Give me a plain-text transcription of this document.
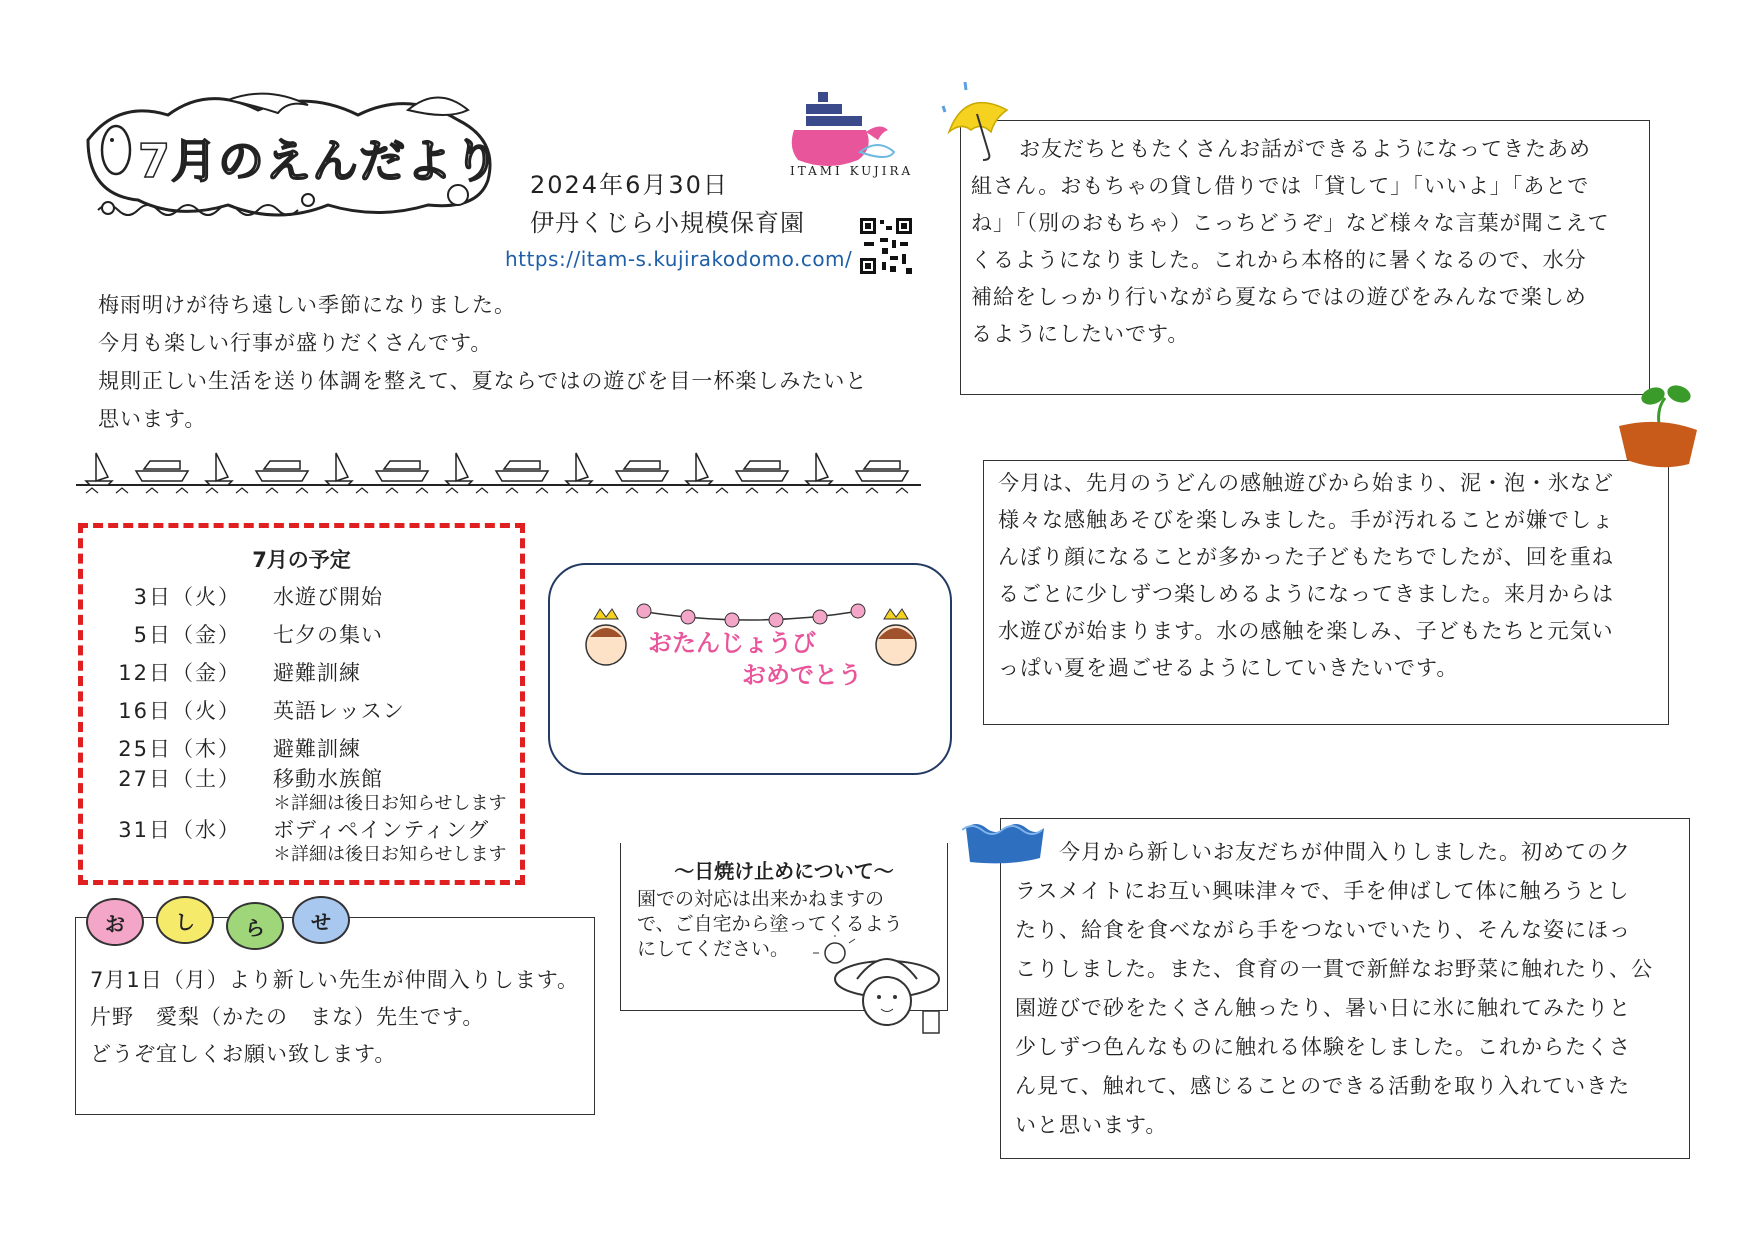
7月のえんだより 2024年6月30日
伊丹くじら小規模保育園
https://itam-s.kujirakodomo.com/
ITAMI KUJIRA
梅雨明けが待ち遠しい季節になりました。
今月も楽しい行事が盛りだくさんです。
規則正しい生活を送り体調を整えて、夏ならではの遊びを目一杯楽しみたいと
思います。
7月の予定
3日（火） 水遊び開始
5日（金） 七夕の集い
12日（金） 避難訓練
16日（火） 英語レッスン
25日（木） 避難訓練
27日（土） 移動水族館
＊詳細は後日お知らせします
31日（水） ボディペインティング
＊詳細は後日お知らせします
おたんじょうび
おめでとう
7月1日（月）より新しい先生が仲間入りします。
片野　愛梨（かたの　まな）先生です。
どうぞ宜しくお願い致します。
お	し	ら	せ
〜日焼け止めについて〜
園での対応は出来かねますの
で、ご自宅から塗ってくるよう
にしてください。
お友だちともたくさんお話ができるようになってきたあめ
組さん。おもちゃの貸し借りでは「貸して」「いいよ」「あとで
ね」「（別のおもちゃ）こっちどうぞ」など様々な言葉が聞こえて
くるようになりました。これから本格的に暑くなるので、水分
補給をしっかり行いながら夏ならではの遊びをみんなで楽しめ
るようにしたいです。
今月は、先月のうどんの感触遊びから始まり、泥・泡・氷など
様々な感触あそびを楽しみました。手が汚れることが嫌でしょ
んぼり顔になることが多かった子どもたちでしたが、回を重ね
るごとに少しずつ楽しめるようになってきました。来月からは
水遊びが始まります。水の感触を楽しみ、子どもたちと元気い
っぱい夏を過ごせるようにしていきたいです。
今月から新しいお友だちが仲間入りしました。初めてのク
ラスメイトにお互い興味津々で、手を伸ばして体に触ろうとし
たり、給食を食べながら手をつないでいたり、そんな姿にほっ
こりしました。また、食育の一貫で新鮮なお野菜に触れたり、公
園遊びで砂をたくさん触ったり、暑い日に氷に触れてみたりと
少しずつ色んなものに触れる体験をしました。これからたくさ
ん見て、触れて、感じることのできる活動を取り入れていきた
いと思います。
